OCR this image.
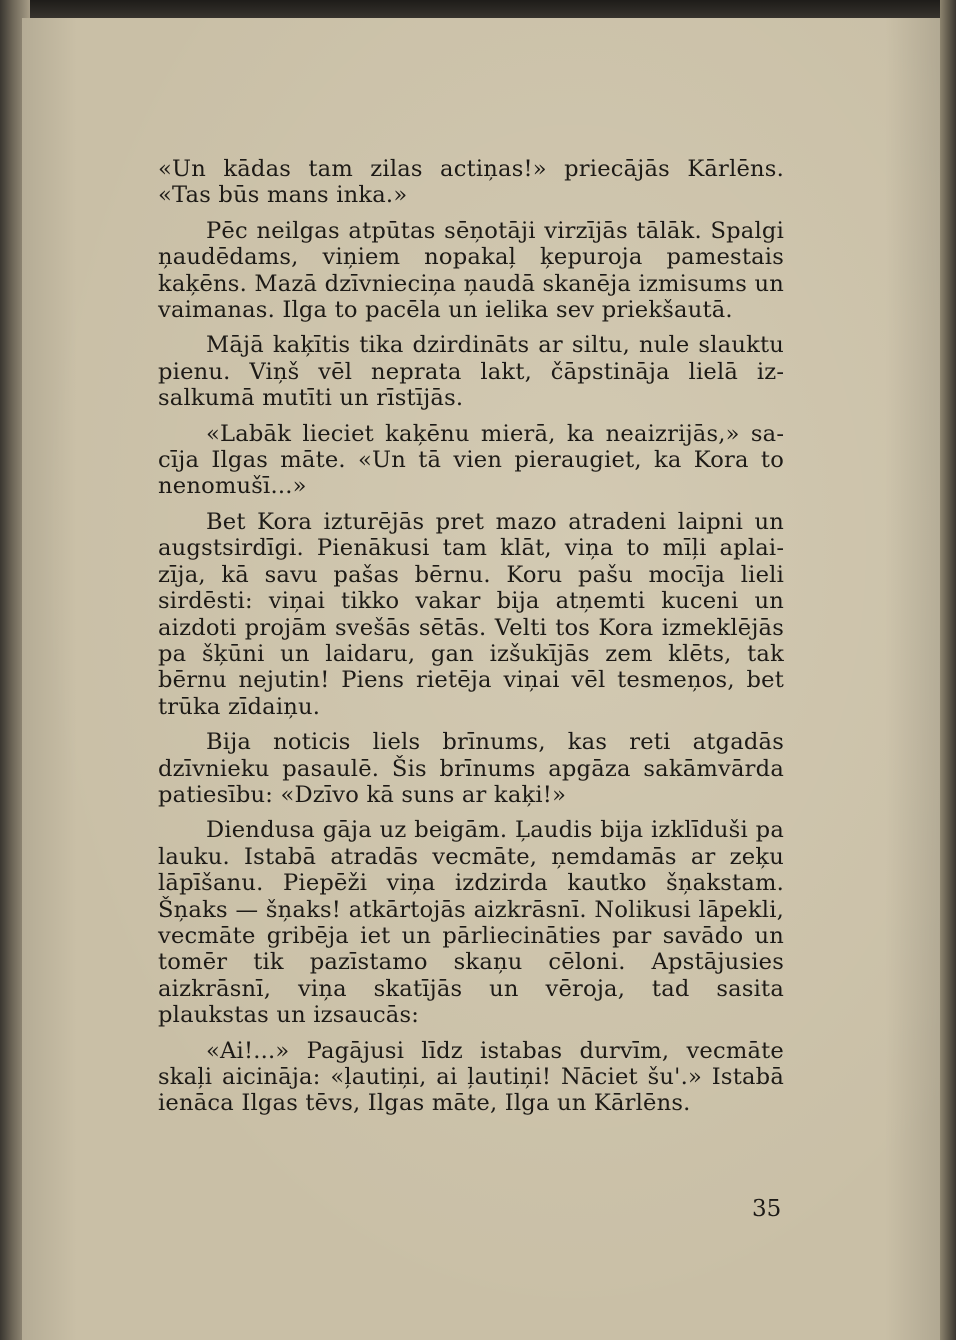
«Un kādas tam zilas actiņas!» priecājās Kārlēns. «Tas būs mans inka.»

Pēc neilgas atpūtas sēņotāji virzījās tālāk. Spalgi ņaudēdams, viņiem nopakaļ ķepuroja pamestais kaķēns. Mazā dzīvnieciņa ņaudā skanēja izmisums un vaimanas. Ilga to pacēla un ielika sev priekšautā.

Mājā kaķītis tika dzirdināts ar siltu, nule slauktu pienu. Viņš vēl neprata lakt, čāpstināja lielā izsalkumā mutīti un rīstījās.

«Labāk lieciet kaķēnu mierā, ka neaizrijās,» sacīja Ilgas māte. «Un tā vien pieraugiet, ka Kora to nenomušī...»

Bet Kora izturējās pret mazo atradeni laipni un augstsirdīgi. Pienākusi tam klāt, viņa to mīļi aplaizīja, kā savu pašas bērnu. Koru pašu mocīja lieli sirdēsti: viņai tikko vakar bija atņemti kuceni un aizdoti projām svešās sētās. Velti tos Kora izmeklējās pa šķūni un laidaru, gan izšukījās zem klēts, tak bērnu nejutin! Piens rietēja viņai vēl tesmeņos, bet trūka zīdaiņu.

Bija noticis liels brīnums, kas reti atgadās dzīvnieku pasaulē. Šis brīnums apgāza sakāmvārda patiesību: «Dzīvo kā suns ar kaķi!»

Diendusa gāja uz beigām. Ļaudis bija izklīduši pa lauku. Istabā atradās vecmāte, ņemdamās ar zeķu lāpīšanu. Piepēži viņa izdzirda kautko šņakstam. Šņaks — šņaks! atkārtojās aizkrāsnī. Nolikusi lāpekli, vecmāte gribēja iet un pārliecināties par savādo un tomēr tik pazīstamo skaņu cēloni. Apstājusies aizkrāsnī, viņa skatījās un vēroja, tad sasita plaukstas un izsaucās:

«Ai!...» Pagājusi līdz istabas durvīm, vecmāte skaļi aicināja: «ļautiņi, ai ļautiņi! Nāciet šu'.» Istabā ienāca Ilgas tēvs, Ilgas māte, Ilga un Kārlēns.

35
